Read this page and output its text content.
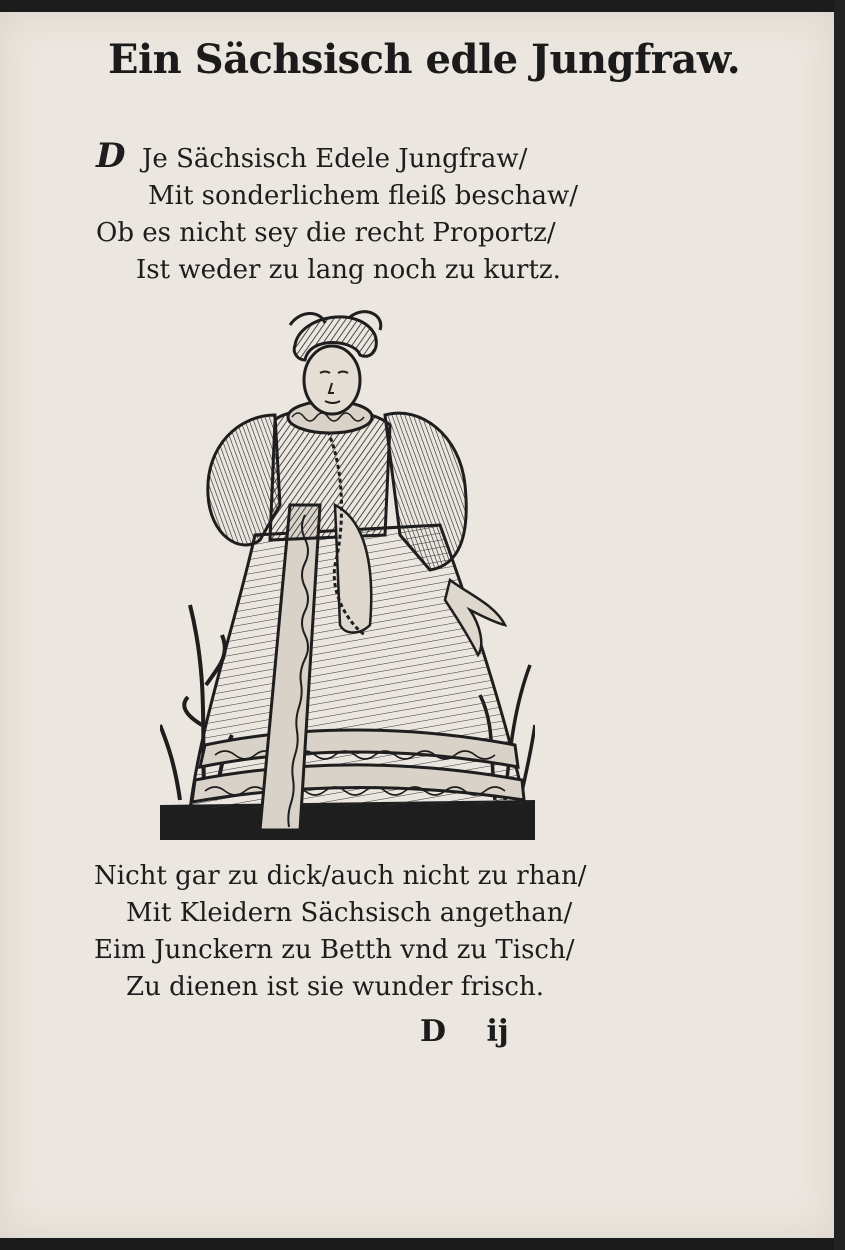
Ein Sächsisch edle Jungfraw.
D Je Sächsisch Edele Jungfraw/
Mit sonderlichem fleiß beschaw/
Ob es nicht sey die recht Proportz/
Ist weder zu lang noch zu kurtz.
Nicht gar zu dick/auch nicht zu rhan/
Mit Kleidern Sächsisch angethan/
Eim Junckern zu Betth vnd zu Tisch/
Zu dienen ist sie wunder frisch.
D ij
